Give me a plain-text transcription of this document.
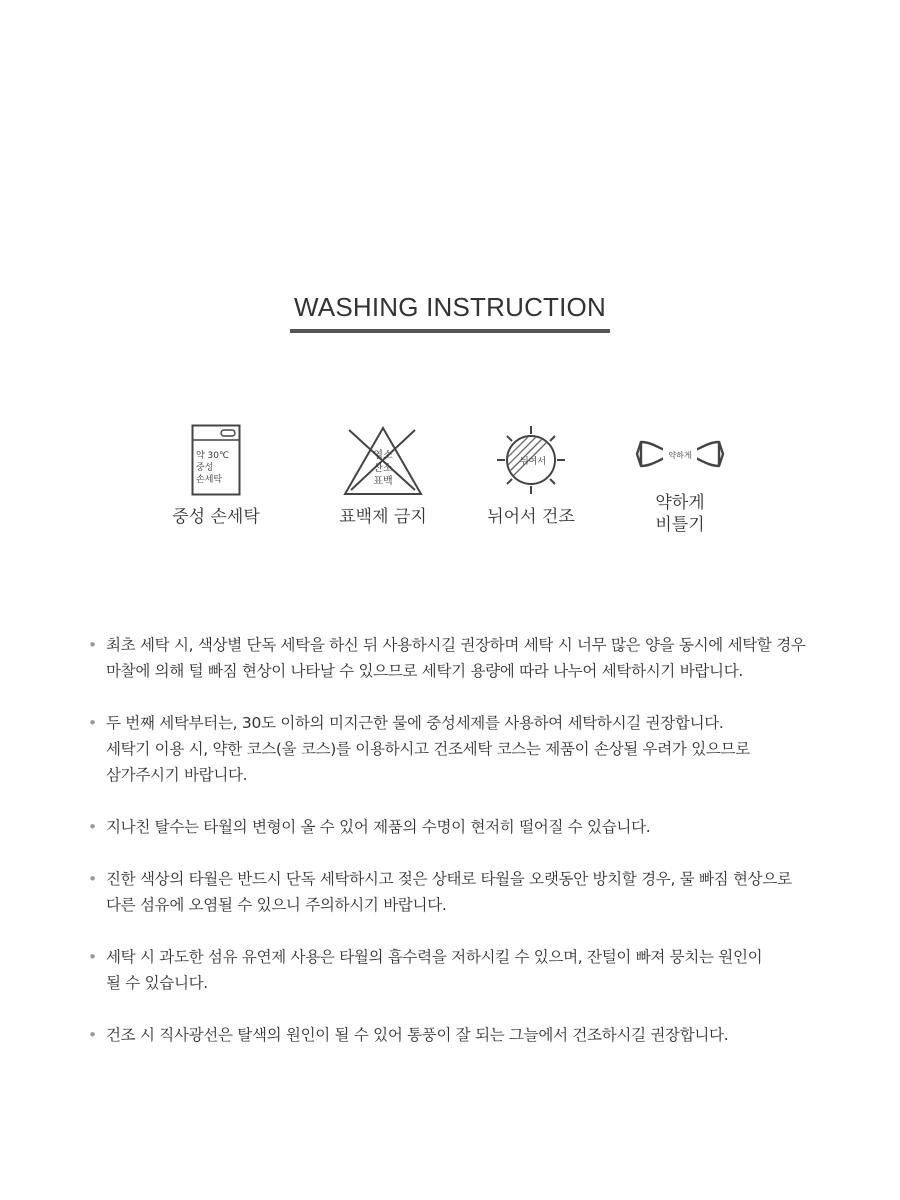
WASHING INSTRUCTION
약 30℃
중성
손세탁
중성 손세탁
염소
산소
표백
표백제 금지
뉘여서
뉘어서 건조
약하게
약하게
비틀기
• 최초 세탁 시, 색상별 단독 세탁을 하신 뒤 사용하시길 권장하며 세탁 시 너무 많은 양을 동시에 세탁할 경우
마찰에 의해 털 빠짐 현상이 나타날 수 있으므로 세탁기 용량에 따라 나누어 세탁하시기 바랍니다.
• 두 번째 세탁부터는, 30도 이하의 미지근한 물에 중성세제를 사용하여 세탁하시길 권장합니다.
세탁기 이용 시, 약한 코스(울 코스)를 이용하시고 건조세탁 코스는 제품이 손상될 우려가 있으므로
삼가주시기 바랍니다.
• 지나친 탈수는 타월의 변형이 올 수 있어 제품의 수명이 현저히 떨어질 수 있습니다.
• 진한 색상의 타월은 반드시 단독 세탁하시고 젖은 상태로 타월을 오랫동안 방치할 경우, 물 빠짐 현상으로
다른 섬유에 오염될 수 있으니 주의하시기 바랍니다.
• 세탁 시 과도한 섬유 유연제 사용은 타월의 흡수력을 저하시킬 수 있으며, 잔털이 빠져 뭉치는 원인이
될 수 있습니다.
• 건조 시 직사광선은 탈색의 원인이 될 수 있어 통풍이 잘 되는 그늘에서 건조하시길 권장합니다.
